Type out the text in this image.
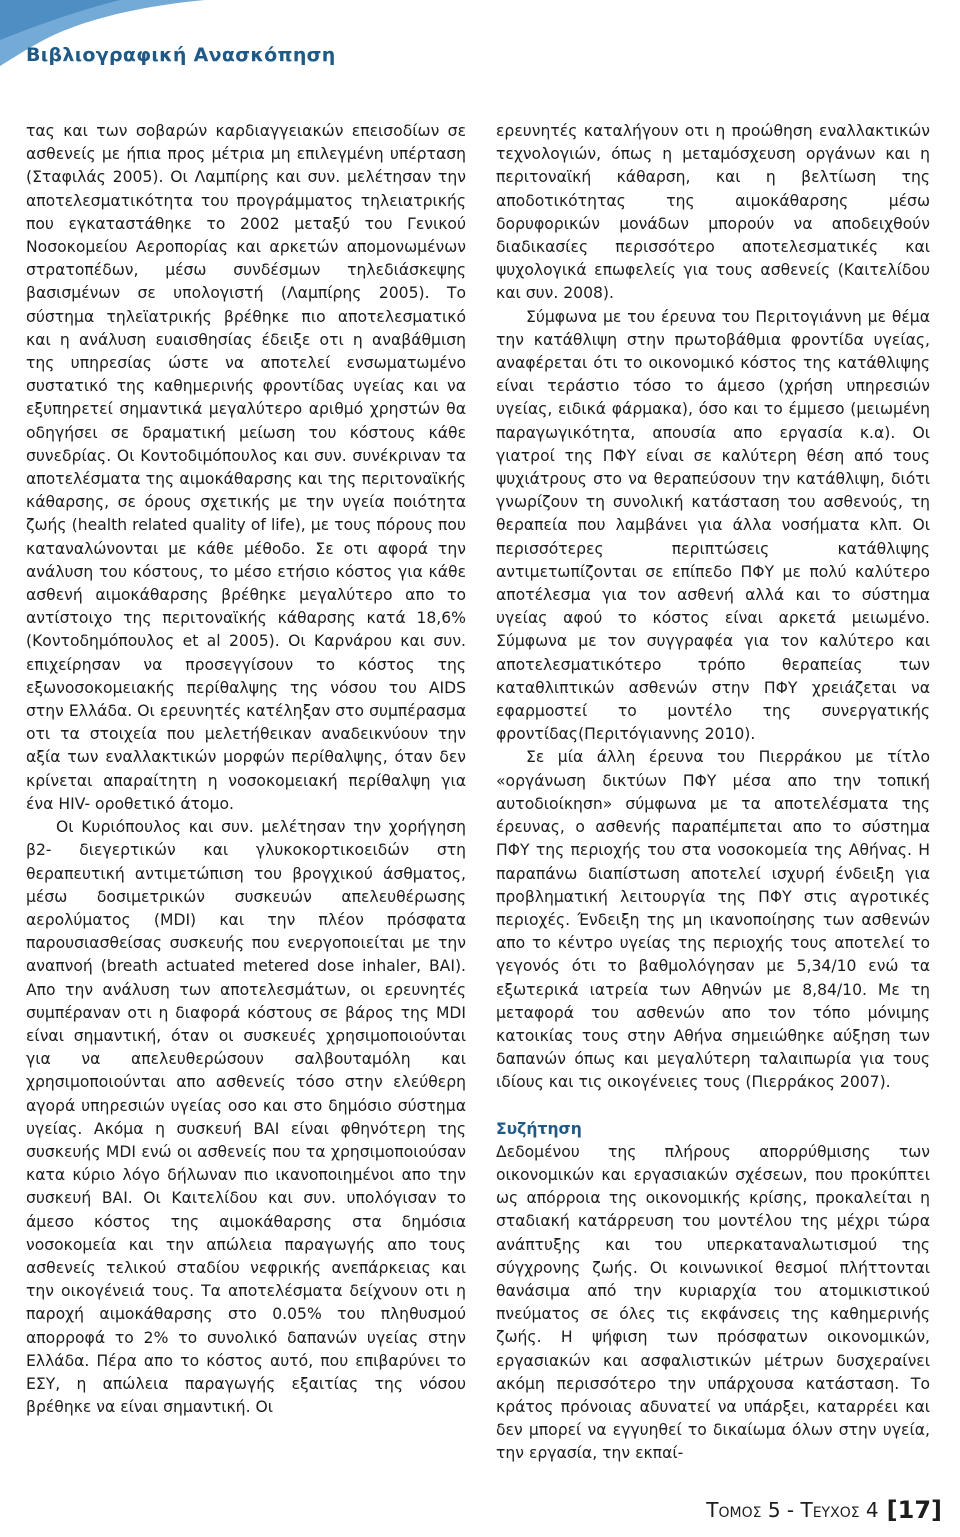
Βιβλιογραφική Ανασκόπηση

τας και των σοβαρών καρδιαγγειακών επεισοδίων σε ασθενείς με ήπια προς μέτρια μη επιλεγμένη υπέρταση (Σταφιλάς 2005). Οι Λαμπίρης και συν. μελέτησαν την αποτελεσματικότητα του προγράμματος τηλειατρικής που εγκαταστάθηκε το 2002 μεταξύ του Γενικού Νοσοκομείου Αεροπορίας και αρκετών απομονωμένων στρατοπέδων, μέσω συνδέσμων τηλεδιάσκεψης βασισμένων σε υπολογιστή (Λαμπίρης 2005). Το σύστημα τηλεϊατρικής βρέθηκε πιο αποτελεσματικό και η ανάλυση ευαισθησίας έδειξε οτι η αναβάθμιση της υπηρεσίας ώστε να αποτελεί ενσωματωμένο συστατικό της καθημερινής φροντίδας υγείας και να εξυπηρετεί σημαντικά μεγαλύτερο αριθμό χρηστών θα οδηγήσει σε δραματική μείωση του κόστους κάθε συνεδρίας. Οι Κοντοδιμόπουλος και συν. συνέκριναν τα αποτελέσματα της αιμοκάθαρσης και της περιτοναϊκής κάθαρσης, σε όρους σχετικής με την υγεία ποιότητα ζωής (health related quality of life), με τους πόρους που καταναλώνονται με κάθε μέθοδο. Σε οτι αφορά την ανάλυση του κόστους, το μέσο ετήσιο κόστος για κάθε ασθενή αιμοκάθαρσης βρέθηκε μεγαλύτερο απο το αντίστοιχο της περιτοναϊκής κάθαρσης κατά 18,6% (Κοντοδημόπουλος et al 2005). Οι Καρνάρου και συν. επιχείρησαν να προσεγγίσουν το κόστος της εξωνοσοκομειακής περίθαλψης της νόσου του AIDS στην Ελλάδα. Οι ερευνητές κατέληξαν στο συμπέρασμα οτι τα στοιχεία που μελετήθεικαν αναδεικνύουν την αξία των εναλλακτικών μορφών περίθαλψης, όταν δεν κρίνεται απαραίτητη η νοσοκομειακή περίθαλψη για ένα HIV- οροθετικό άτομο.

Οι Κυριόπουλος και συν. μελέτησαν την χορήγηση β2- διεγερτικών και γλυκοκορτικοειδών στη θεραπευτική αντιμετώπιση του βρογχικού άσθματος, μέσω δοσιμετρικών συσκευών απελευθέρωσης αερολύματος (MDI) και την πλέον πρόσφατα παρουσιασθείσας συσκευής που ενεργοποιείται με την αναπνοή (breath actuated metered dose inhaler, BAI). Απο την ανάλυση των αποτελεσμάτων, οι ερευνητές συμπέραναν οτι η διαφορά κόστους σε βάρος της MDI είναι σημαντική, όταν οι συσκευές χρησιμοποιούνται για να απελευθερώσουν σαλβουταμόλη και χρησιμοποιούνται απο ασθενείς τόσο στην ελεύθερη αγορά υπηρεσιών υγείας οσο και στο δημόσιο σύστημα υγείας. Ακόμα η συσκευή BAI είναι φθηνότερη της συσκευής MDI ενώ οι ασθενείς που τα χρησιμοποιούσαν κατα κύριο λόγο δήλωναν πιο ικανοποιημένοι απο την συσκευή BAI. Οι Καιτελίδου και συν. υπολόγισαν το άμεσο κόστος της αιμοκάθαρσης στα δημόσια νοσοκομεία και την απώλεια παραγωγής απο τους ασθενείς τελικού σταδίου νεφρικής ανεπάρκειας και την οικογένειά τους. Τα αποτελέσματα δείχνουν οτι η παροχή αιμοκάθαρσης στο 0.05% του πληθυσμού απορροφά το 2% το συνολικό δαπανών υγείας στην Ελλάδα. Πέρα απο το κόστος αυτό, που επιβαρύνει το ΕΣΥ, η απώλεια παραγωγής εξαιτίας της νόσου βρέθηκε να είναι σημαντική. Οι

ερευνητές καταλήγουν οτι η προώθηση εναλλακτικών τεχνολογιών, όπως η μεταμόσχευση οργάνων και η περιτοναϊκή κάθαρση, και η βελτίωση της αποδοτικότητας της αιμοκάθαρσης μέσω δορυφορικών μονάδων μπορούν να αποδειχθούν διαδικασίες περισσότερο αποτελεσματικές και ψυχολογικά επωφελείς για τους ασθενείς (Καιτελίδου και συν. 2008).

Σύμφωνα με του έρευνα του Περιτογιάννη με θέμα την κατάθλιψη στην πρωτοβάθμια φροντίδα υγείας, αναφέρεται ότι το οικονομικό κόστος της κατάθλιψης είναι τεράστιο τόσο το άμεσο (χρήση υπηρεσιών υγείας, ειδικά φάρμακα), όσο και το έμμεσο (μειωμένη παραγωγικότητα, απουσία απο εργασία κ.α). Οι γιατροί της ΠΦΥ είναι σε καλύτερη θέση από τους ψυχιάτρους στο να θεραπεύσουν την κατάθλιψη, διότι γνωρίζουν τη συνολική κατάσταση του ασθενούς, τη θεραπεία που λαμβάνει για άλλα νοσήματα κλπ. Οι περισσότερες περιπτώσεις κατάθλιψης αντιμετωπίζονται σε επίπεδο ΠΦΥ με πολύ καλύτερο αποτέλεσμα για τον ασθενή αλλά και το σύστημα υγείας αφού το κόστος είναι αρκετά μειωμένο. Σύμφωνα με τον συγγραφέα για τον καλύτερο και αποτελεσματικότερο τρόπο θεραπείας των καταθλιπτικών ασθενών στην ΠΦΥ χρειάζεται να εφαρμοστεί το μοντέλο της συνεργατικής φροντίδας(Περιτόγιαννης 2010).

Σε μία άλλη έρευνα του Πιερράκου με τίτλο «οργάνωση δικτύων ΠΦΥ μέσα απο την τοπική αυτοδιοίκησn» σύμφωνα με τα αποτελέσματα της έρευνας, ο ασθενής παραπέμπεται απο το σύστημα ΠΦΥ της περιοχής του στα νοσοκομεία της Αθήνας. Η παραπάνω διαπίστωση αποτελεί ισχυρή ένδειξη για προβληματική λειτουργία της ΠΦΥ στις αγροτικές περιοχές. Ένδειξη της μη ικανοποίησης των ασθενών απο το κέντρο υγείας της περιοχής τους αποτελεί το γεγονός ότι το βαθμολόγησαν με 5,34/10 ενώ τα εξωτερικά ιατρεία των Αθηνών με 8,84/10. Με τη μεταφορά του ασθενών απο τον τόπο μόνιμης κατοικίας τους στην Αθήνα σημειώθηκε αύξηση των δαπανών όπως και μεγαλύτερη ταλαιπωρία για τους ιδίους και τις οικογένειες τους (Πιερράκος 2007).

Συζήτηση

Δεδομένου της πλήρους απορρύθμισης των οικονομικών και εργασιακών σχέσεων, που προκύπτει ως απόρροια της οικονομικής κρίσης, προκαλείται η σταδιακή κατάρρευση του μοντέλου της μέχρι τώρα ανάπτυξης και του υπερκαταναλωτισμού της σύγχρονης ζωής. Οι κοινωνικοί θεσμοί πλήττονται θανάσιμα από την κυριαρχία του ατομικιστικού πνεύματος σε όλες τις εκφάνσεις της καθημερινής ζωής. Η ψήφιση των πρόσφατων οικονομικών, εργασιακών και ασφαλιστικών μέτρων δυσχεραίνει ακόμη περισσότερο την υπάρχουσα κατάσταση. Το κράτος πρόνοιας αδυνατεί να υπάρξει, καταρρέει και δεν μπορεί να εγγυηθεί το δικαίωμα όλων στην υγεία, την εργασία, την εκπαί-

Τομος 5 - Τευχος 4 [17]
